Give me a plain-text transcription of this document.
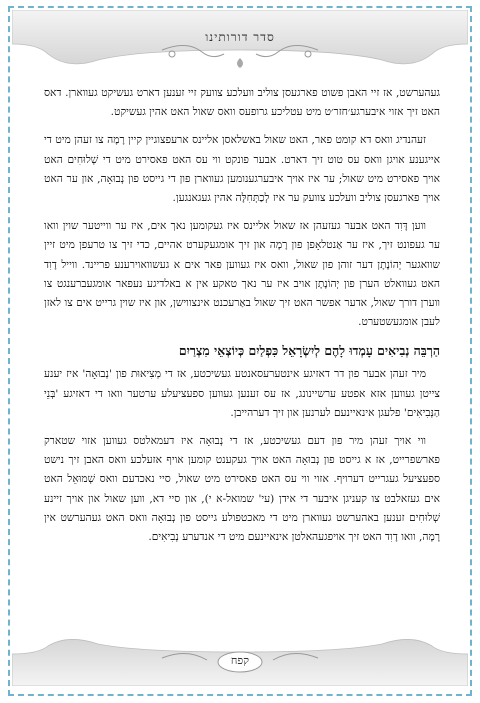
סדר דורותינו

געהערשט, אז זיי האבן פשוט פארגעסן צוליב וועלכע צוועק זיי זענען דארט געשיקט געווארן. דאס האט זיך אזוי איבערגע׳חזר׳ט מיט עטליכע גרופעס וואס שאול האט אהין געשיקט.

זעהנדיג וואס דא קומט פאר, האט שאול באשלאסן אליינס ארעפצוגיין קיין רָמָה צו זעהן מיט די אייגענע אויגן וואס עס טוט זיך דארט. אבער פונקט ווי עס האט פאסירט מיט די שְׁלוּחִים האט אויך פאסירט מיט שאול; ער איז אויך איבערגענומען געווארן פון די גייסט פון נְבוּאָה, און ער האט אויך פארגעסן צוליב וועלכע צוועק ער איז לְכַתְּחִלָּה אהין געגאנגען.

ווען דָּוִד האט אבער געזעהן אז שאול אליינס איז געקומען נאך אים, איז ער ווייטער שוין וואו ער געפונט זיך, איז ער אַנטלאָפן פון רָמָה און זיך אומגעקערט אהיים, כדי זיך צו טרעפן מיט זיין שוואגער יְהוֹנָתָן דער זוהן פון שאול, וואס איז געווען פאר אים א געשוואוירענע פריינד. ווייל דָוִד האט געוואלט הערן פון יְהוֹנָתָן אויב איז ער נאך טאקע אין א באלדיגע נעפאר אומגעברענגט צו ווערן דורך שאול, אדער אפשר האט זיך שאול באַרעכנט אינצווישן, און איז שוין גרייט אים צו לאזן לעבן אומגעשטערט.

הַרְבֵּה נְבִיאִים עָמְדוּ לָהֶם לְיִשְׂרָאֵל כִּפְלַיִם כְּיוֹצְאֵי מִצְרַיִם

מיר זעהן אבער פון דר דאזיגע אינטערעסאנטע געשיכטע, אז די מְצִיאוּת פון 'נְבוּאָה' איז יענע צייטן געווען אזא אפטע ערשיינונג, אז עס זענען געווען ספעציעלע ערטער וואו די דאזיגע 'בְּנֵי הַנְּבִיאִים' פלעגן אינאיינעם לערנען און זיך דערהייבן.

ווי אויך זעהן מיר פון דעם געשיכטע, אז די נְבוּאָה איז דעמאלטס געווען אזוי שטארק פארשפרייט, אז א גייסט פון נְבוּאָה האט אויך געקענט קומען אויף אזעלכע וואס האבן זיך נישט ספעציעל געגרייט דערויף. אזוי ווי עס האט פאסירט מיט שאול, סיי נאכדעם וואס שְׁמוּאֵל האט אים געזאלבט צו קעניגן איבער די אידן (עי' שמואל-א י), און סיי דא, ווען שאול און אויך זיינע שְׁלוּחִים זענען באהערשט געווארן מיט די מאכטפולע גייסט פון נְבוּאָה וואס האט געהערשט אין רָמָה, וואו דָוִד האט זיך אויפגעהאלטן אינאיינעם מיט די אנדערע נְבִיאִים.

קפח
